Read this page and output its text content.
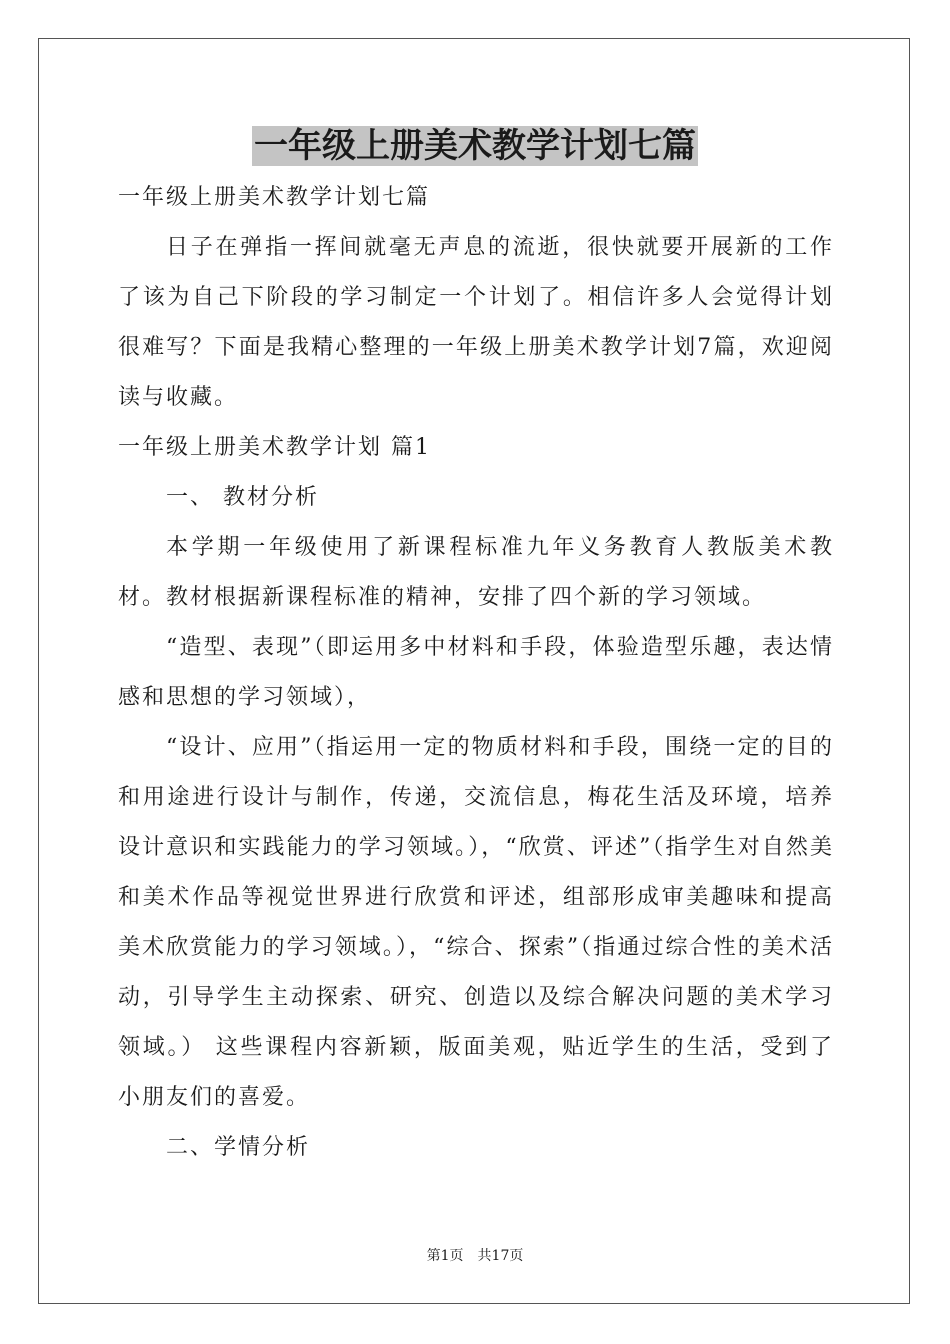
一年级上册美术教学计划七篇

一年级上册美术教学计划七篇

日子在弹指一挥间就毫无声息的流逝，很快就要开展新的工作了该为自己下阶段的学习制定一个计划了。相信许多人会觉得计划很难写？下面是我精心整理的一年级上册美术教学计划7篇，欢迎阅读与收藏。

一年级上册美术教学计划 篇1

一、 教材分析

本学期一年级使用了新课程标准九年义务教育人教版美术教材。教材根据新课程标准的精神，安排了四个新的学习领域。

“造型、表现”（即运用多中材料和手段，体验造型乐趣，表达情感和思想的学习领域），

“设计、应用”（指运用一定的物质材料和手段，围绕一定的目的和用途进行设计与制作，传递，交流信息，梅花生活及环境，培养设计意识和实践能力的学习领域。），“欣赏、评述”（指学生对自然美和美术作品等视觉世界进行欣赏和评述，组部形成审美趣味和提高美术欣赏能力的学习领域。），“综合、探索”（指通过综合性的美术活动，引导学生主动探索、研究、创造以及综合解决问题的美术学习领域。） 这些课程内容新颖，版面美观，贴近学生的生活，受到了小朋友们的喜爱。

二、学情分析

第1页 共17页
